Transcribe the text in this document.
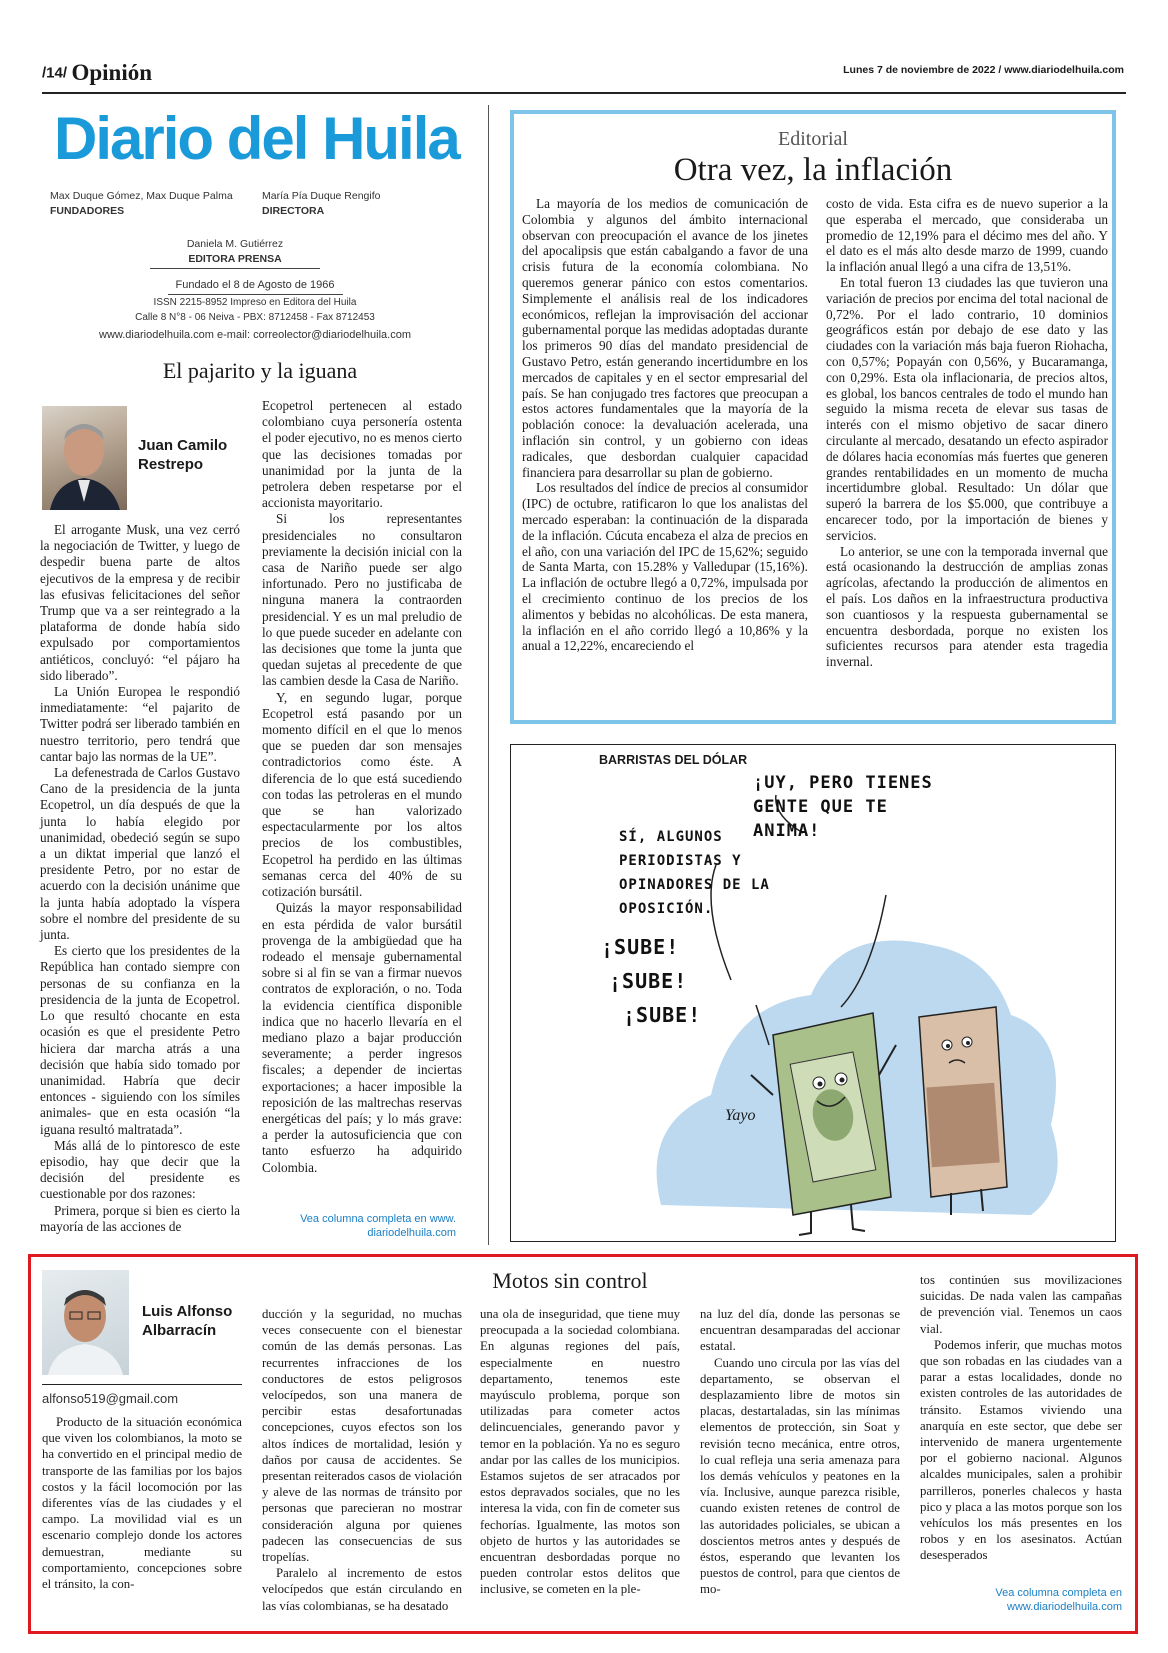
/14/ Opinión	Lunes 7 de noviembre de 2022 / www.diariodelhuila.com
Diario del Huila
Max Duque Gómez, Max Duque Palma
FUNDADORES
María Pía Duque Rengifo
DIRECTORA
Daniela M. Gutiérrez
EDITORA PRENSA
Fundado el 8 de Agosto de 1966
ISSN 2215-8952 Impreso en Editora del Huila
Calle 8 N°8 - 06 Neiva - PBX: 8712458 - Fax 8712453
www.diariodelhuila.com e-mail: correolector@diariodelhuila.com
El pajarito y la iguana
Juan Camilo Restrepo

El arrogante Musk, una vez cerró la negociación de Twitter, y luego de despedir buena parte de altos ejecutivos de la empresa y de recibir las efusivas felicitaciones del señor Trump que va a ser reintegrado a la plataforma de donde había sido expulsado por comportamientos antiéticos, concluyó: “el pájaro ha sido liberado”.

La Unión Europea le respondió inmediatamente: “el pajarito de Twitter podrá ser liberado también en nuestro territorio, pero tendrá que cantar bajo las normas de la UE”.

La defenestrada de Carlos Gustavo Cano de la presidencia de la junta Ecopetrol, un día después de que la junta lo había elegido por unanimidad, obedeció según se supo a un diktat imperial que lanzó el presidente Petro, por no estar de acuerdo con la decisión unánime que la junta había adoptado la víspera sobre el nombre del presidente de su junta.

Es cierto que los presidentes de la República han contado siempre con personas de su confianza en la presidencia de la junta de Ecopetrol. Lo que resultó chocante en esta ocasión es que el presidente Petro hiciera dar marcha atrás a una decisión que había sido tomado por unanimidad. Habría que decir entonces - siguiendo con los símiles animales- que en esta ocasión “la iguana resultó maltratada”.

Más allá de lo pintoresco de este episodio, hay que decir que la decisión del presidente es cuestionable por dos razones:

Primera, porque si bien es cierto la mayoría de las acciones de

Ecopetrol pertenecen al estado colombiano cuya personería ostenta el poder ejecutivo, no es menos cierto que las decisiones tomadas por unanimidad por la junta de la petrolera deben respetarse por el accionista mayoritario.

Si los representantes presidenciales no consultaron previamente la decisión inicial con la casa de Nariño puede ser algo infortunado. Pero no justificaba de ninguna manera la contraorden presidencial. Y es un mal preludio de lo que puede suceder en adelante con las decisiones que tome la junta que quedan sujetas al precedente de que las cambien desde la Casa de Nariño.

Y, en segundo lugar, porque Ecopetrol está pasando por un momento difícil en el que lo menos que se pueden dar son mensajes contradictorios como éste. A diferencia de lo que está sucediendo con todas las petroleras en el mundo que se han valorizado espectacularmente por los altos precios de los combustibles, Ecopetrol ha perdido en las últimas semanas cerca del 40% de su cotización bursátil.

Quizás la mayor responsabilidad en esta pérdida de valor bursátil provenga de la ambigüedad que ha rodeado el mensaje gubernamental sobre si al fin se van a firmar nuevos contratos de exploración, o no. Toda la evidencia científica disponible indica que no hacerlo llevaría en el mediano plazo a bajar producción severamente; a perder ingresos fiscales; a depender de inciertas exportaciones; a hacer imposible la reposición de las maltrechas reservas energéticas del país; y lo más grave: a perder la autosuficiencia que con tanto esfuerzo ha adquirido Colombia.

Vea columna completa en www. diariodelhuila.com
Editorial
Otra vez, la inflación

La mayoría de los medios de comunicación de Colombia y algunos del ámbito internacional observan con preocupación el avance de los jinetes del apocalipsis que están cabalgando a favor de una crisis futura de la economía colombiana. No queremos generar pánico con estos comentarios. Simplemente el análisis real de los indicadores económicos, reflejan la improvisación del accionar gubernamental porque las medidas adoptadas durante los primeros 90 días del mandato presidencial de Gustavo Petro, están generando incertidumbre en los mercados de capitales y en el sector empresarial del país. Se han conjugado tres factores que preocupan a estos actores fundamentales que la mayoría de la población conoce: la devaluación acelerada, una inflación sin control, y un gobierno con ideas radicales, que desbordan cualquier capacidad financiera para desarrollar su plan de gobierno.

Los resultados del índice de precios al consumidor (IPC) de octubre, ratificaron lo que los analistas del mercado esperaban: la continuación de la disparada de la inflación. Cúcuta encabeza el alza de precios en el año, con una variación del IPC de 15,62%; seguido de Santa Marta, con 15.28% y Valledupar (15,16%). La inflación de octubre llegó a 0,72%, impulsada por el crecimiento continuo de los precios de los alimentos y bebidas no alcohólicas. De esta manera, la inflación en el año corrido llegó a 10,86% y la anual a 12,22%, encareciendo el

costo de vida. Esta cifra es de nuevo superior a la que esperaba el mercado, que consideraba un promedio de 12,19% para el décimo mes del año. Y el dato es el más alto desde marzo de 1999, cuando la inflación anual llegó a una cifra de 13,51%.

En total fueron 13 ciudades las que tuvieron una variación de precios por encima del total nacional de 0,72%. Por el lado contrario, 10 dominios geográficos están por debajo de ese dato y las ciudades con la variación más baja fueron Riohacha, con 0,57%; Popayán con 0,56%, y Bucaramanga, con 0,29%. Esta ola inflacionaria, de precios altos, es global, los bancos centrales de todo el mundo han seguido la misma receta de elevar sus tasas de interés con el mismo objetivo de sacar dinero circulante al mercado, desatando un efecto aspirador de dólares hacia economías más fuertes que generen grandes rentabilidades en un momento de mucha incertidumbre global. Resultado: Un dólar que superó la barrera de los $5.000, que contribuye a encarecer todo, por la importación de bienes y servicios.

Lo anterior, se une con la temporada invernal que está ocasionando la destrucción de amplias zonas agrícolas, afectando la producción de alimentos en el país. Los daños en la infraestructura productiva son cuantiosos y la respuesta gubernamental se encuentra desbordada, porque no existen los suficientes recursos para atender esta tragedia invernal.

BARRISTAS DEL DÓLAR
¡UY, PERO TIENES GENTE QUE TE ANIMA!
SÍ, ALGUNOS PERIODISTAS Y OPINADORES DE LA OPOSICIÓN.
¡SUBE!
¡SUBE!
¡SUBE!
Yayo
Luis Alfonso Albarracín
alfonso519@gmail.com
Motos sin control

Producto de la situación económica que viven los colombianos, la moto se ha convertido en el principal medio de transporte de las familias por los bajos costos y la fácil locomoción por las diferentes vías de las ciudades y el campo. La movilidad vial es un escenario complejo donde los actores demuestran, mediante su comportamiento, concepciones sobre el tránsito, la con-

ducción y la seguridad, no muchas veces consecuente con el bienestar común de las demás personas. Las recurrentes infracciones de los conductores de estos peligrosos velocípedos, son una manera de percibir estas desafortunadas concepciones, cuyos efectos son los altos índices de mortalidad, lesión y daños por causa de accidentes. Se presentan reiterados casos de violación y aleve de las normas de tránsito por personas que parecieran no mostrar consideración alguna por quienes padecen las consecuencias de sus tropelías.

Paralelo al incremento de estos velocípedos que están circulando en las vías colombianas, se ha desatado

una ola de inseguridad, que tiene muy preocupada a la sociedad colombiana. En algunas regiones del país, especialmente en nuestro departamento, tenemos este mayúsculo problema, porque son utilizadas para cometer actos delincuenciales, generando pavor y temor en la población. Ya no es seguro andar por las calles de los municipios. Estamos sujetos de ser atracados por estos depravados sociales, que no les interesa la vida, con fin de cometer sus fechorías. Igualmente, las motos son objeto de hurtos y las autoridades se encuentran desbordadas porque no pueden controlar estos delitos que inclusive, se cometen en la ple-

na luz del día, donde las personas se encuentran desamparadas del accionar estatal.

Cuando uno circula por las vías del departamento, se observan el desplazamiento libre de motos sin placas, destartaladas, sin las mínimas elementos de protección, sin Soat y revisión tecno mecánica, entre otros, lo cual refleja una seria amenaza para los demás vehículos y peatones en la vía. Inclusive, aunque parezca risible, cuando existen retenes de control de las autoridades policiales, se ubican a doscientos metros antes y después de éstos, esperando que levanten los puestos de control, para que cientos de mo-

tos continúen sus movilizaciones suicidas. De nada valen las campañas de prevención vial. Tenemos un caos vial.

Podemos inferir, que muchas motos que son robadas en las ciudades van a parar a estas localidades, donde no existen controles de las autoridades de tránsito. Estamos viviendo una anarquía en este sector, que debe ser intervenido de manera urgentemente por el gobierno nacional. Algunos alcaldes municipales, salen a prohibir parrilleros, ponerles chalecos y hasta pico y placa a las motos porque son los vehículos los más presentes en los robos y en los asesinatos. Actúan desesperados

Vea columna completa en www.diariodelhuila.com
